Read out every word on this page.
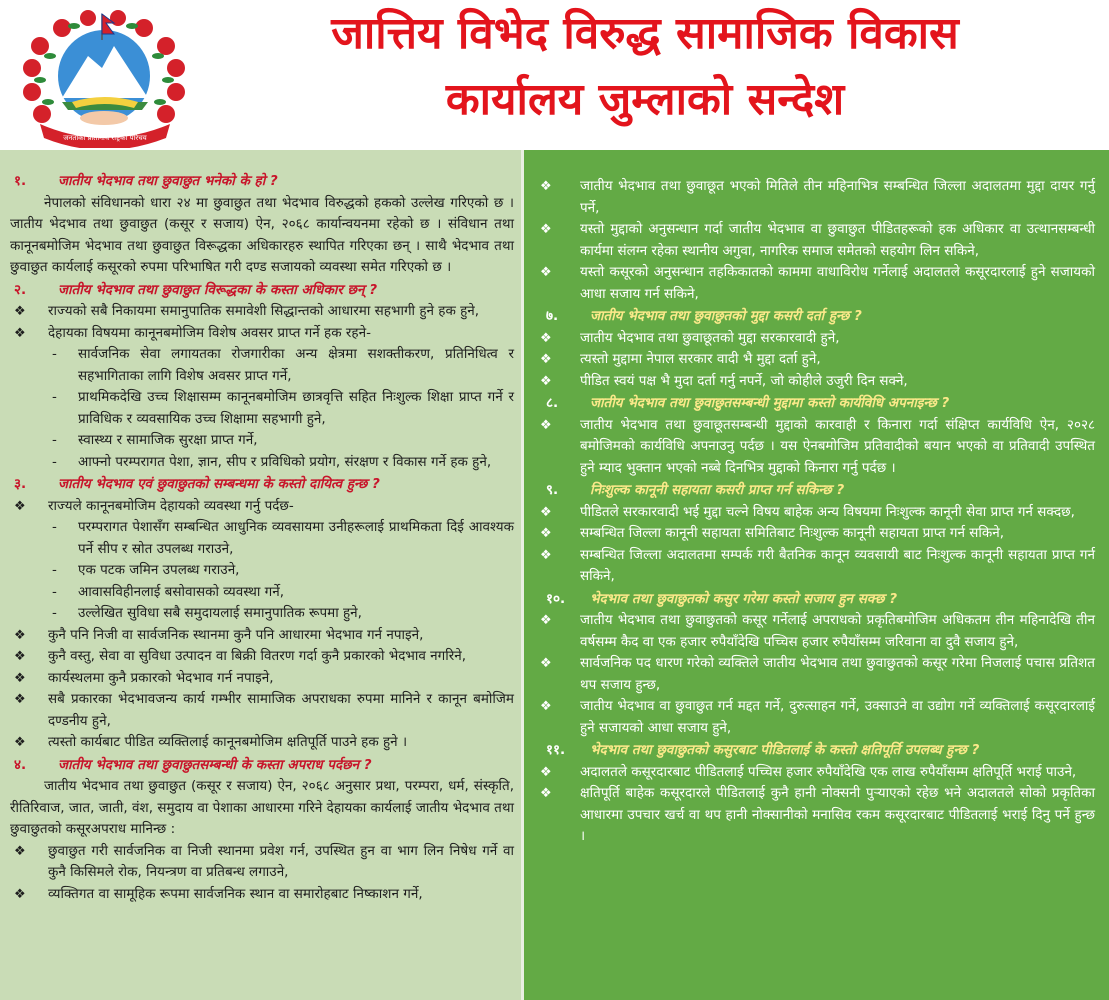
जनताको प्रतिनिधि राष्ट्रको परिचय
जात्तिय विभेद विरुद्ध सामाजिक विकास
कार्यालय जुम्लाको सन्देश
१.	जातीय भेदभाव तथा छुवाछुत भनेको के हो ?
नेपालको संविधानको धारा २४ मा छुवाछुत तथा भेदभाव विरुद्धको हकको उल्लेख गरिएको छ । जातीय भेदभाव तथा छुवाछुत (कसूर र सजाय) ऐन, २०६८ कार्यान्वयनमा रहेको छ । संविधान तथा कानूनबमोजिम भेदभाव तथा छुवाछुत विरूद्धका अधिकारहरु स्थापित गरिएका छन् । साथै भेदभाव तथा छुवाछुत कार्यलाई कसूरको रुपमा परिभाषित गरी दण्ड सजायको व्यवस्था समेत गरिएको छ ।
२.	जातीय भेदभाव तथा छुवाछुत विरूद्धका के कस्ता अधिकार छन् ?
❖	राज्यको सबै निकायमा समानुपातिक समावेशी सिद्धान्तको आधारमा सहभागी हुने हक हुने,
❖	देहायका विषयमा कानूनबमोजिम विशेष अवसर प्राप्त गर्ने हक रहने-
-	सार्वजनिक सेवा लगायतका रोजगारीका अन्य क्षेत्रमा सशक्तीकरण, प्रतिनिधित्व र सहभागिताका लागि विशेष अवसर प्राप्त गर्ने,
-	प्राथमिकदेखि उच्च शिक्षासम्म कानूनबमोजिम छात्रवृत्ति सहित निःशुल्क शिक्षा प्राप्त गर्ने र प्राविधिक र व्यवसायिक उच्च शिक्षामा सहभागी हुने,
-	स्वास्थ्य र सामाजिक सुरक्षा प्राप्त गर्ने,
-	आफ्नो परम्परागत पेशा, ज्ञान, सीप र प्रविधिको प्रयोग, संरक्षण र विकास गर्ने हक हुने,
३.	जातीय भेदभाव एवं छुवाछुतको सम्बन्धमा के कस्तो दायित्व हुन्छ ?
❖	राज्यले कानूनबमोजिम देहायको व्यवस्था गर्नु पर्दछ-
-	परम्परागत पेशासँग सम्बन्धित आधुनिक व्यवसायमा उनीहरूलाई प्राथमिकता दिई आवश्यक पर्ने सीप र स्रोत उपलब्ध गराउने,
-	एक पटक जमिन उपलब्ध गराउने,
-	आवासविहीनलाई बसोवासको व्यवस्था गर्ने,
-	उल्लेखित सुविधा सबै समुदायलाई समानुपातिक रूपमा हुने,
❖	कुनै पनि निजी वा सार्वजनिक स्थानमा कुनै पनि आधारमा भेदभाव गर्न नपाइने,
❖	कुनै वस्तु, सेवा वा सुविधा उत्पादन वा बिक्री वितरण गर्दा कुनै प्रकारको भेदभाव नगरिने,
❖	कार्यस्थलमा कुनै प्रकारको भेदभाव गर्न नपाइने,
❖	सबै प्रकारका भेदभावजन्य कार्य गम्भीर सामाजिक अपराधका रुपमा मानिने र कानून बमोजिम दण्डनीय हुने,
❖	त्यस्तो कार्यबाट पीडित व्यक्तिलाई कानूनबमोजिम क्षतिपूर्ति पाउने हक हुने ।
४.	जातीय भेदभाव तथा छुवाछुतसम्बन्धी के कस्ता अपराध पर्दछन ?
जातीय भेदभाव तथा छुवाछुत (कसूर र सजाय) ऐन, २०६८ अनुसार प्रथा, परम्परा, धर्म, संस्कृति, रीतिरिवाज, जात, जाती, वंश, समुदाय वा पेशाका आधारमा गरिने देहायका कार्यलाई जातीय भेदभाव तथा छुवाछुतको कसूरअपराध मानिन्छ :
❖	छुवाछुत गरी सार्वजनिक वा निजी स्थानमा प्रवेश गर्न, उपस्थित हुन वा भाग लिन निषेध गर्ने वा कुनै किसिमले रोक, नियन्त्रण वा प्रतिबन्ध लगाउने,
❖	व्यक्तिगत वा सामूहिक रूपमा सार्वजनिक स्थान वा समारोहबाट निष्काशन गर्ने,
❖	जातीय भेदभाव तथा छुवाछूत भएको मितिले तीन महिनाभित्र सम्बन्धित जिल्ला अदालतमा मुद्दा दायर गर्नु पर्ने,
❖	यस्तो मुद्दाको अनुसन्धान गर्दा जातीय भेदभाव वा छुवाछुत पीडितहरूको हक अधिकार वा उत्थानसम्बन्धी कार्यमा संलग्न रहेका स्थानीय अगुवा, नागरिक समाज समेतको सहयोग लिन सकिने,
❖	यस्तो कसूरको अनुसन्धान तहकिकातको काममा वाधाविरोध गर्नेलाई अदालतले कसूरदारलाई हुने सजायको आधा सजाय गर्न सकिने,
७.	जातीय भेदभाव तथा छुवाछुतको मुद्दा कसरी दर्ता हुन्छ ?
❖	जातीय भेदभाव तथा छुवाछूतको मुद्दा सरकारवादी हुने,
❖	त्यस्तो मुद्दामा नेपाल सरकार वादी भै मुद्दा दर्ता हुने,
❖	पीडित स्वयं पक्ष भै मुदा दर्ता गर्नु नपर्ने, जो कोहीले उजुरी दिन सक्ने,
८.	जातीय भेदभाव तथा छुवाछुतसम्बन्धी मुद्दामा कस्तो कार्यविधि अपनाइन्छ ?
❖	जातीय भेदभाव तथा छुवाछूतसम्बन्धी मुद्दाको कारवाही र किनारा गर्दा संक्षिप्त कार्यविधि ऐन, २०२८ बमोजिमको कार्यविधि अपनाउनु पर्दछ । यस ऐनबमोजिम प्रतिवादीको बयान भएको वा प्रतिवादी उपस्थित हुने म्याद भुक्तान भएको नब्बे दिनभित्र मुद्दाको किनारा गर्नु पर्दछ ।
९.	निःशुल्क कानूनी सहायता कसरी प्राप्त गर्न सकिन्छ ?
❖	पीडितले सरकारवादी भई मुद्दा चल्ने विषय बाहेक अन्य विषयमा निःशुल्क कानूनी सेवा प्राप्त गर्न सक्दछ,
❖	सम्बन्धित जिल्ला कानूनी सहायता समितिबाट निःशुल्क कानूनी सहायता प्राप्त गर्न सकिने,
❖	सम्बन्धित जिल्ला अदालतमा सम्पर्क गरी बैतनिक कानून व्यवसायी बाट निःशुल्क कानूनी सहायता प्राप्त गर्न सकिने,
१०.	भेदभाव तथा छुवाछुतको कसुर गरेमा कस्तो सजाय हुन सक्छ ?
❖	जातीय भेदभाव तथा छुवाछुतको कसूर गर्नेलाई अपराधको प्रकृतिबमोजिम अधिकतम तीन महिनादेखि तीन वर्षसम्म कैद वा एक हजार रुपैयाँदेखि पच्चिस हजार रुपैयाँसम्म जरिवाना वा दुवै सजाय हुने,
❖	सार्वजनिक पद धारण गरेको व्यक्तिले जातीय भेदभाव तथा छुवाछुतको कसूर गरेमा निजलाई पचास प्रतिशत थप सजाय हुन्छ,
❖	जातीय भेदभाव वा छुवाछुत गर्न मद्दत गर्ने, दुरुत्साहन गर्ने, उक्साउने वा उद्योग गर्ने व्यक्तिलाई कसूरदारलाई हुने सजायको आधा सजाय हुने,
११.	भेदभाव तथा छुवाछुतको कसुरबाट पीडितलाई के कस्तो क्षतिपूर्ति उपलब्ध हुन्छ ?
❖	अदालतले कसूरदारबाट पीडितलाई पच्चिस हजार रुपैयाँदेखि एक लाख रुपैयाँसम्म क्षतिपूर्ति भराई पाउने,
❖	क्षतिपूर्ति बाहेक कसूरदारले पीडितलाई कुनै हानी नोक्सनी पुऱ्याएको रहेछ भने अदालतले सोको प्रकृतिका आधारमा उपचार खर्च वा थप हानी नोक्सानीको मनासिव रकम कसूरदारबाट पीडितलाई भराई दिनु पर्ने हुन्छ ।
